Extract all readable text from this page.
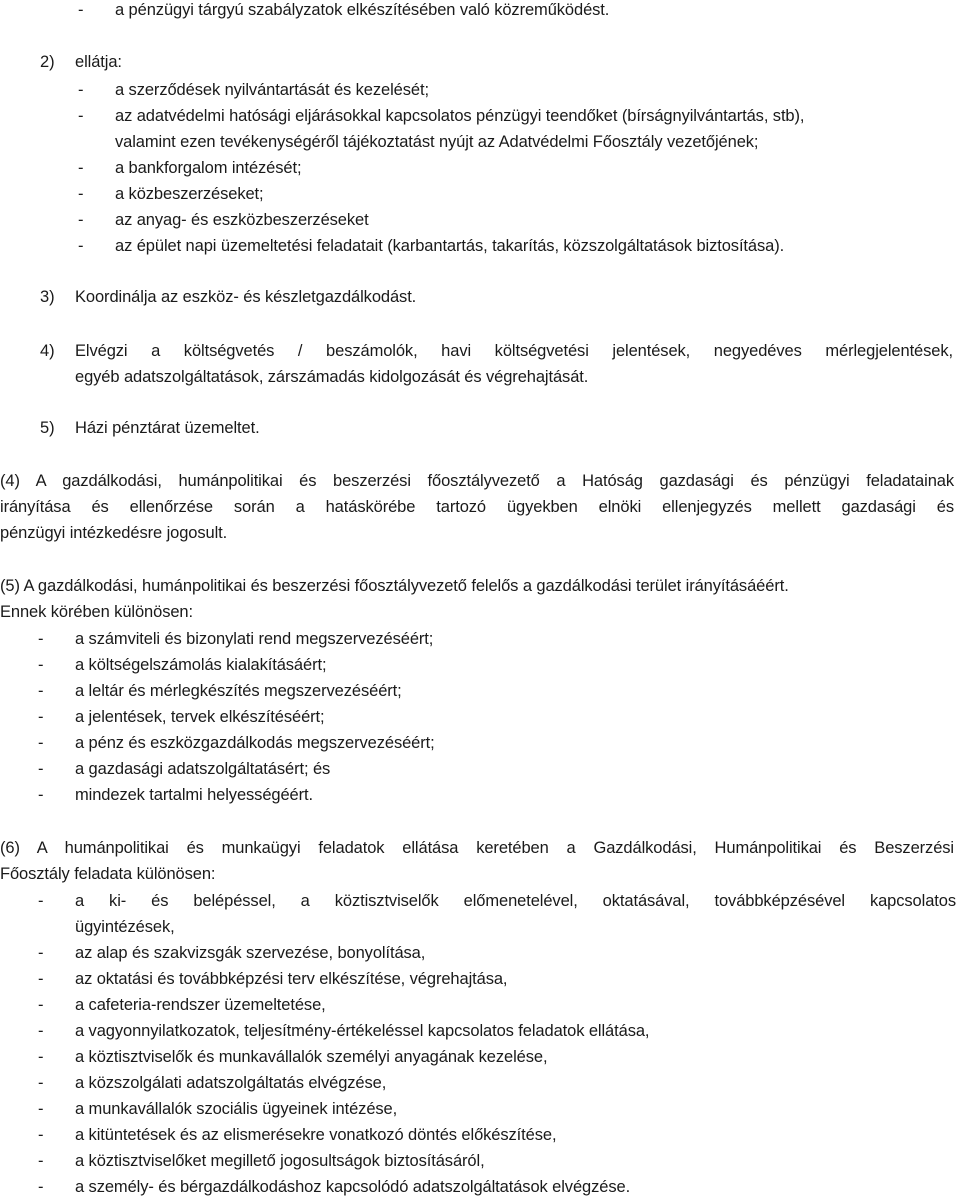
-	a pénzügyi tárgyú szabályzatok elkészítésében való közreműködést.
2) ellátja:
-	a szerződések nyilvántartását és kezelését;
-	az adatvédelmi hatósági eljárásokkal kapcsolatos pénzügyi teendőket (bírságnyilvántartás, stb),
valamint ezen tevékenységéről tájékoztatást nyújt az Adatvédelmi Főosztály vezetőjének;
-	a bankforgalom intézését;
-	a közbeszerzéseket;
-	az anyag- és eszközbeszerzéseket
-	az épület napi üzemeltetési feladatait (karbantartás, takarítás, közszolgáltatások biztosítása).
3) Koordinálja az eszköz- és készletgazdálkodást.
4) Elvégzi a költségvetés / beszámolók, havi költségvetési jelentések, negyedéves mérlegjelentések,
egyéb adatszolgáltatások, zárszámadás kidolgozását és végrehajtását.
5) Házi pénztárat üzemeltet.
(4) A gazdálkodási, humánpolitikai és beszerzési főosztályvezető a Hatóság gazdasági és pénzügyi feladatainak
irányítása és ellenőrzése során a hatáskörébe tartozó ügyekben elnöki ellenjegyzés mellett gazdasági és
pénzügyi intézkedésre jogosult.
(5) A gazdálkodási, humánpolitikai és beszerzési főosztályvezető felelős a gazdálkodási terület irányításáéért.
Ennek körében különösen:
-	a számviteli és bizonylati rend megszervezéséért;
-	a költségelszámolás kialakításáért;
-	a leltár és mérlegkészítés megszervezéséért;
-	a jelentések, tervek elkészítéséért;
-	a pénz és eszközgazdálkodás megszervezéséért;
-	a gazdasági adatszolgáltatásért; és
-	mindezek tartalmi helyességéért.
(6) A humánpolitikai és munkaügyi feladatok ellátása keretében a Gazdálkodási, Humánpolitikai és Beszerzési
Főosztály feladata különösen:
-	a ki- és belépéssel, a köztisztviselők előmenetelével, oktatásával, továbbképzésével kapcsolatos
ügyintézések,
-	az alap és szakvizsgák szervezése, bonyolítása,
-	az oktatási és továbbképzési terv elkészítése, végrehajtása,
-	a cafeteria-rendszer üzemeltetése,
-	a vagyonnyilatkozatok, teljesítmény-értékeléssel kapcsolatos feladatok ellátása,
-	a köztisztviselők és munkavállalók személyi anyagának kezelése,
-	a közszolgálati adatszolgáltatás elvégzése,
-	a munkavállalók szociális ügyeinek intézése,
-	a kitüntetések és az elismerésekre vonatkozó döntés előkészítése,
-	a köztisztviselőket megillető jogosultságok biztosításáról,
-	a személy- és bérgazdálkodáshoz kapcsolódó adatszolgáltatások elvégzése.
